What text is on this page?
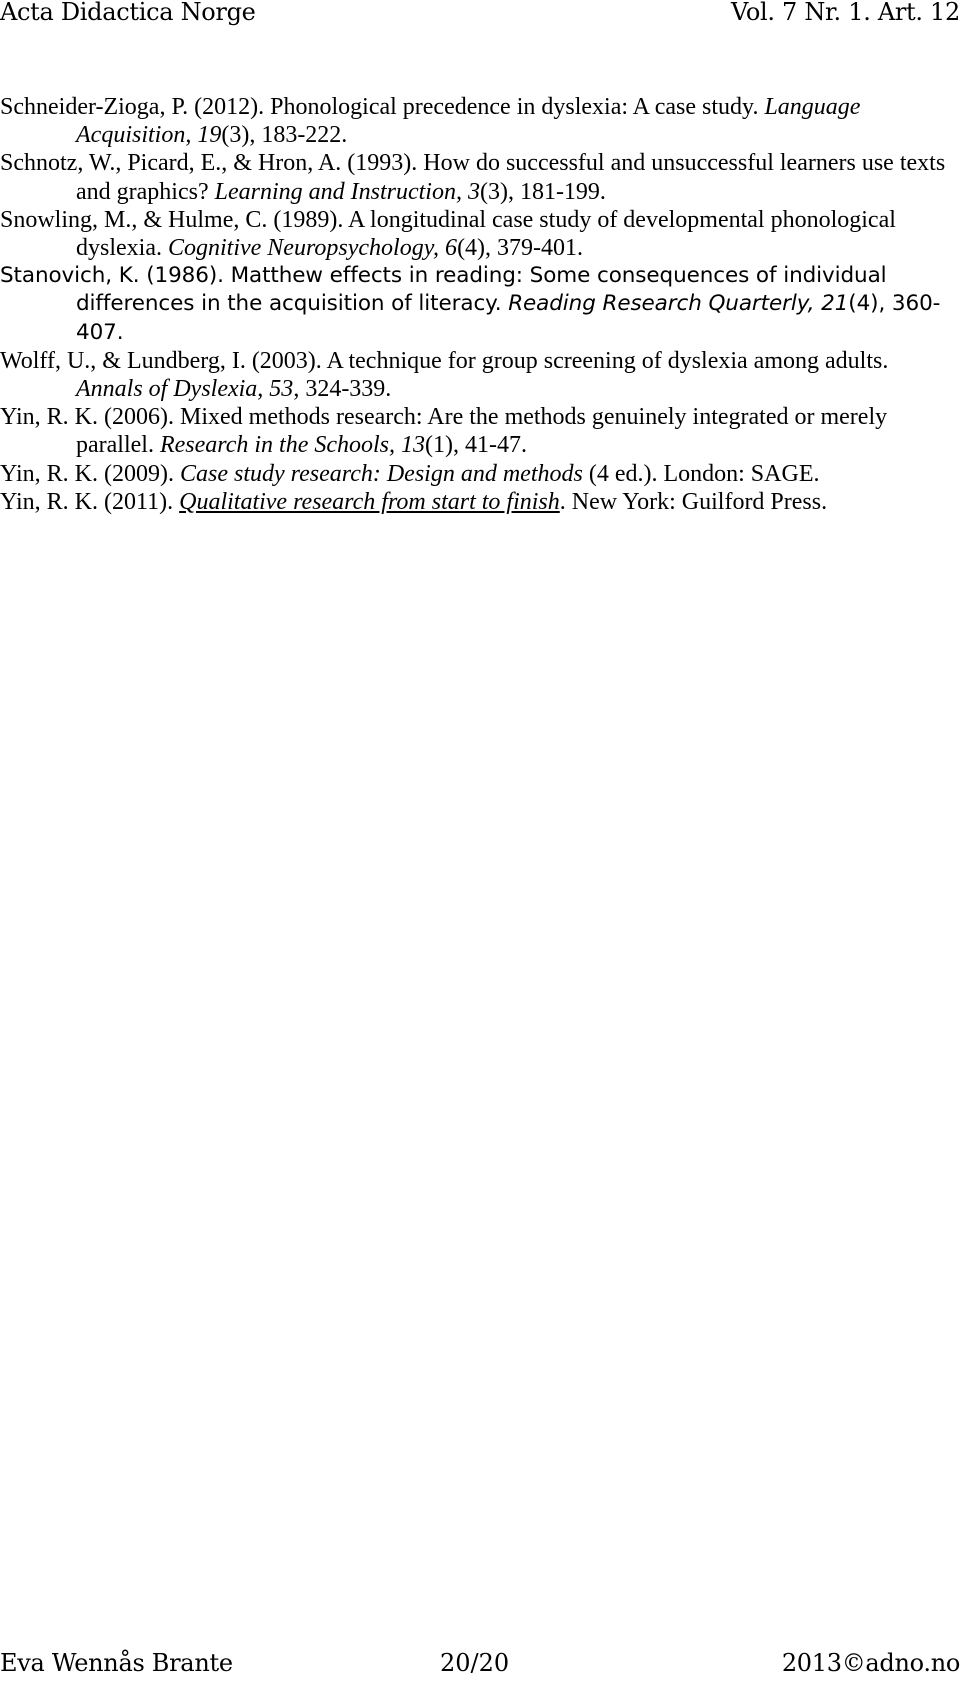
Acta Didactica Norge	Vol. 7 Nr. 1. Art. 12

Schneider-Zioga, P. (2012). Phonological precedence in dyslexia: A case study. Language Acquisition, 19(3), 183-222.

Schnotz, W., Picard, E., & Hron, A. (1993). How do successful and unsuccessful learners use texts and graphics? Learning and Instruction, 3(3), 181-199.

Snowling, M., & Hulme, C. (1989). A longitudinal case study of developmental phonological dyslexia. Cognitive Neuropsychology, 6(4), 379-401.

Stanovich, K. (1986). Matthew effects in reading: Some consequences of individual differences in the acquisition of literacy. Reading Research Quarterly, 21(4), 360-407.

Wolff, U., & Lundberg, I. (2003). A technique for group screening of dyslexia among adults. Annals of Dyslexia, 53, 324-339.

Yin, R. K. (2006). Mixed methods research: Are the methods genuinely integrated or merely parallel. Research in the Schools, 13(1), 41-47.

Yin, R. K. (2009). Case study research: Design and methods (4 ed.). London: SAGE.

Yin, R. K. (2011). Qualitative research from start to finish. New York: Guilford Press.

Eva Wennås Brante	20/20	2013©adno.no
